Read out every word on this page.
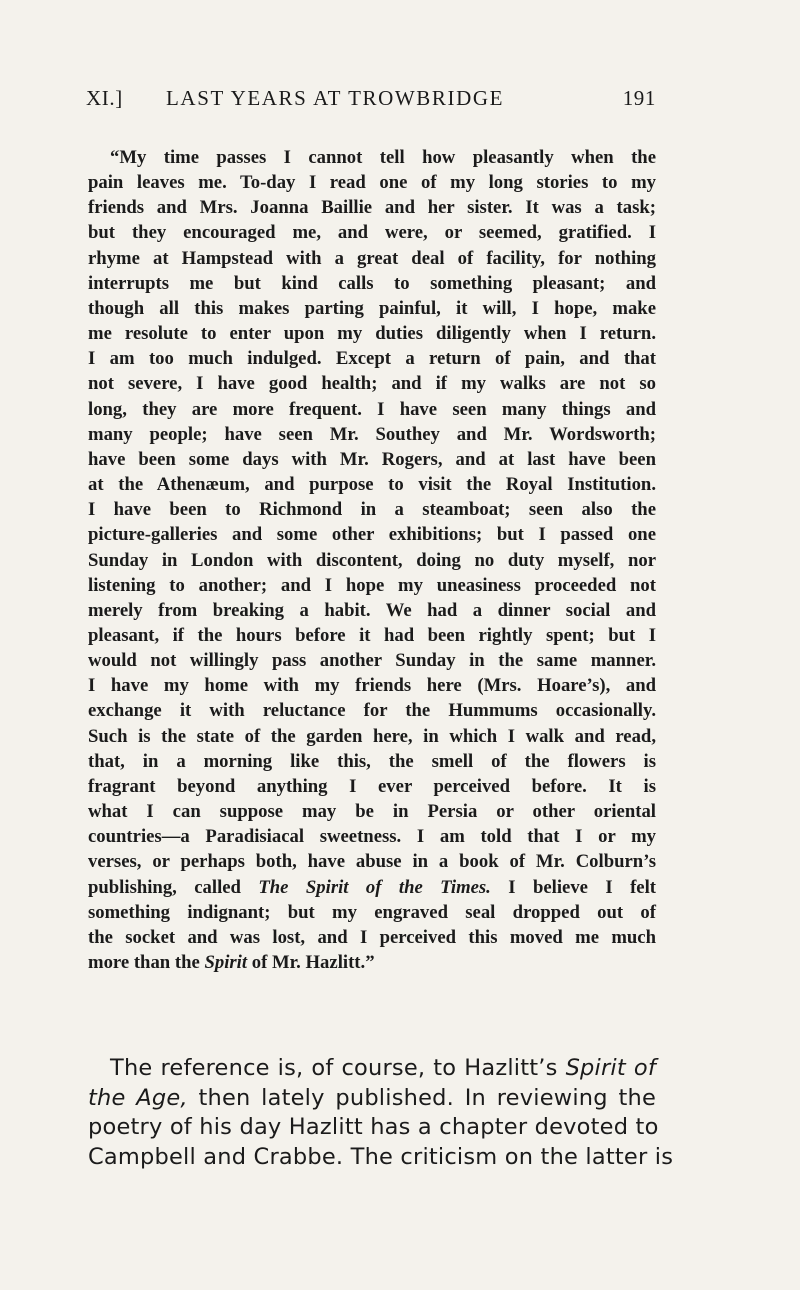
XI.] LAST YEARS AT TROWBRIDGE	191
“My time passes I cannot tell how pleasantly when the
pain leaves me. To-day I read one of my long stories to my
friends and Mrs. Joanna Baillie and her sister. It was a task;
but they encouraged me, and were, or seemed, gratified. I
rhyme at Hampstead with a great deal of facility, for nothing
interrupts me but kind calls to something pleasant; and
though all this makes parting painful, it will, I hope, make
me resolute to enter upon my duties diligently when I return.
I am too much indulged. Except a return of pain, and that
not severe, I have good health; and if my walks are not so
long, they are more frequent. I have seen many things and
many people; have seen Mr. Southey and Mr. Wordsworth;
have been some days with Mr. Rogers, and at last have been
at the Athenæum, and purpose to visit the Royal Institution.
I have been to Richmond in a steamboat; seen also the
picture-galleries and some other exhibitions; but I passed one
Sunday in London with discontent, doing no duty myself, nor
listening to another; and I hope my uneasiness proceeded not
merely from breaking a habit. We had a dinner social and
pleasant, if the hours before it had been rightly spent; but I
would not willingly pass another Sunday in the same manner.
I have my home with my friends here (Mrs. Hoare’s), and
exchange it with reluctance for the Hummums occasionally.
Such is the state of the garden here, in which I walk and read,
that, in a morning like this, the smell of the flowers is
fragrant beyond anything I ever perceived before. It is
what I can suppose may be in Persia or other oriental
countries—a Paradisiacal sweetness. I am told that I or my
verses, or perhaps both, have abuse in a book of Mr. Colburn’s
publishing, called The Spirit of the Times. I believe I felt
something indignant; but my engraved seal dropped out of
the socket and was lost, and I perceived this moved me much
more than the Spirit of Mr. Hazlitt.”
The reference is, of course, to Hazlitt’s Spirit of
the Age, then lately published. In reviewing the
poetry of his day Hazlitt has a chapter devoted to
Campbell and Crabbe. The criticism on the latter is
